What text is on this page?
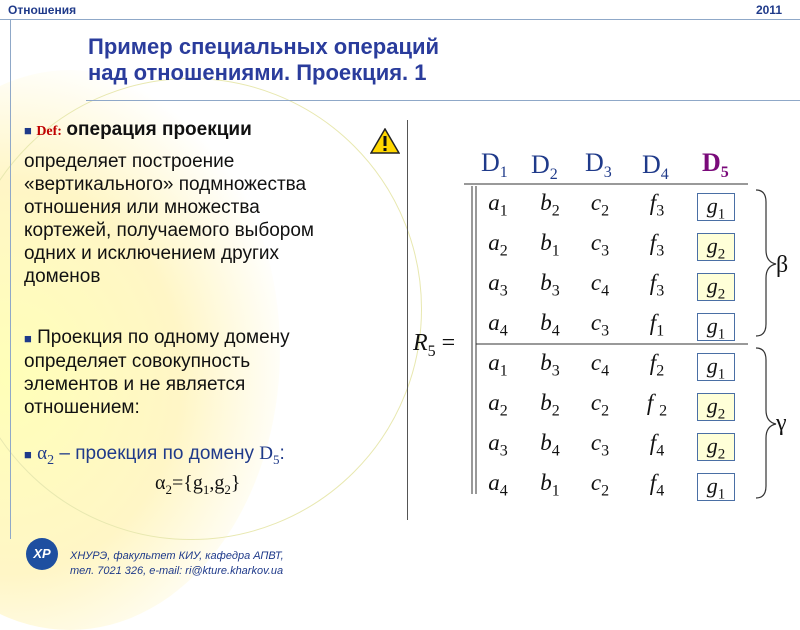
Отношения	2011
Пример специальных операций
над отношениями. Проекция. 1
■ Def: операция проекции
определяет построение
«вертикального» подмножества
отношения или множества
кортежей, получаемого выбором
одних и исключением других
доменов
■ Проекция по одному домену
определяет совокупность
элементов и не является
отношением:
■ $\alpha_2$ – проекция по домену $D_5$:
$\alpha_2=\{g_1,g_2\}$
$R_5$ =
$D_1$ $D_2$ $D_3$ $D_4$ $D_5$
$a_1$	$b_2$	$c_2$	$f_3$	$g_1$
$a_2$	$b_1$	$c_3$	$f_3$	$g_2$
$a_3$	$b_3$	$c_4$	$f_3$	$g_2$
$a_4$	$b_4$	$c_3$	$f_1$	$g_1$
$a_1$	$b_3$	$c_4$	$f_2$	$g_1$
$a_2$	$b_2$	$c_2$	f $_2$	$g_2$
$a_3$	$b_4$	$c_3$	$f_4$	$g_2$
$a_4$	$b_1$	$c_2$	$f_4$	$g_1$
β
γ
ХР	ХНУРЭ, факультет КИУ, кафедра АПВТ,
тел. 7021 326, e-mail: ri@kture.kharkov.ua
